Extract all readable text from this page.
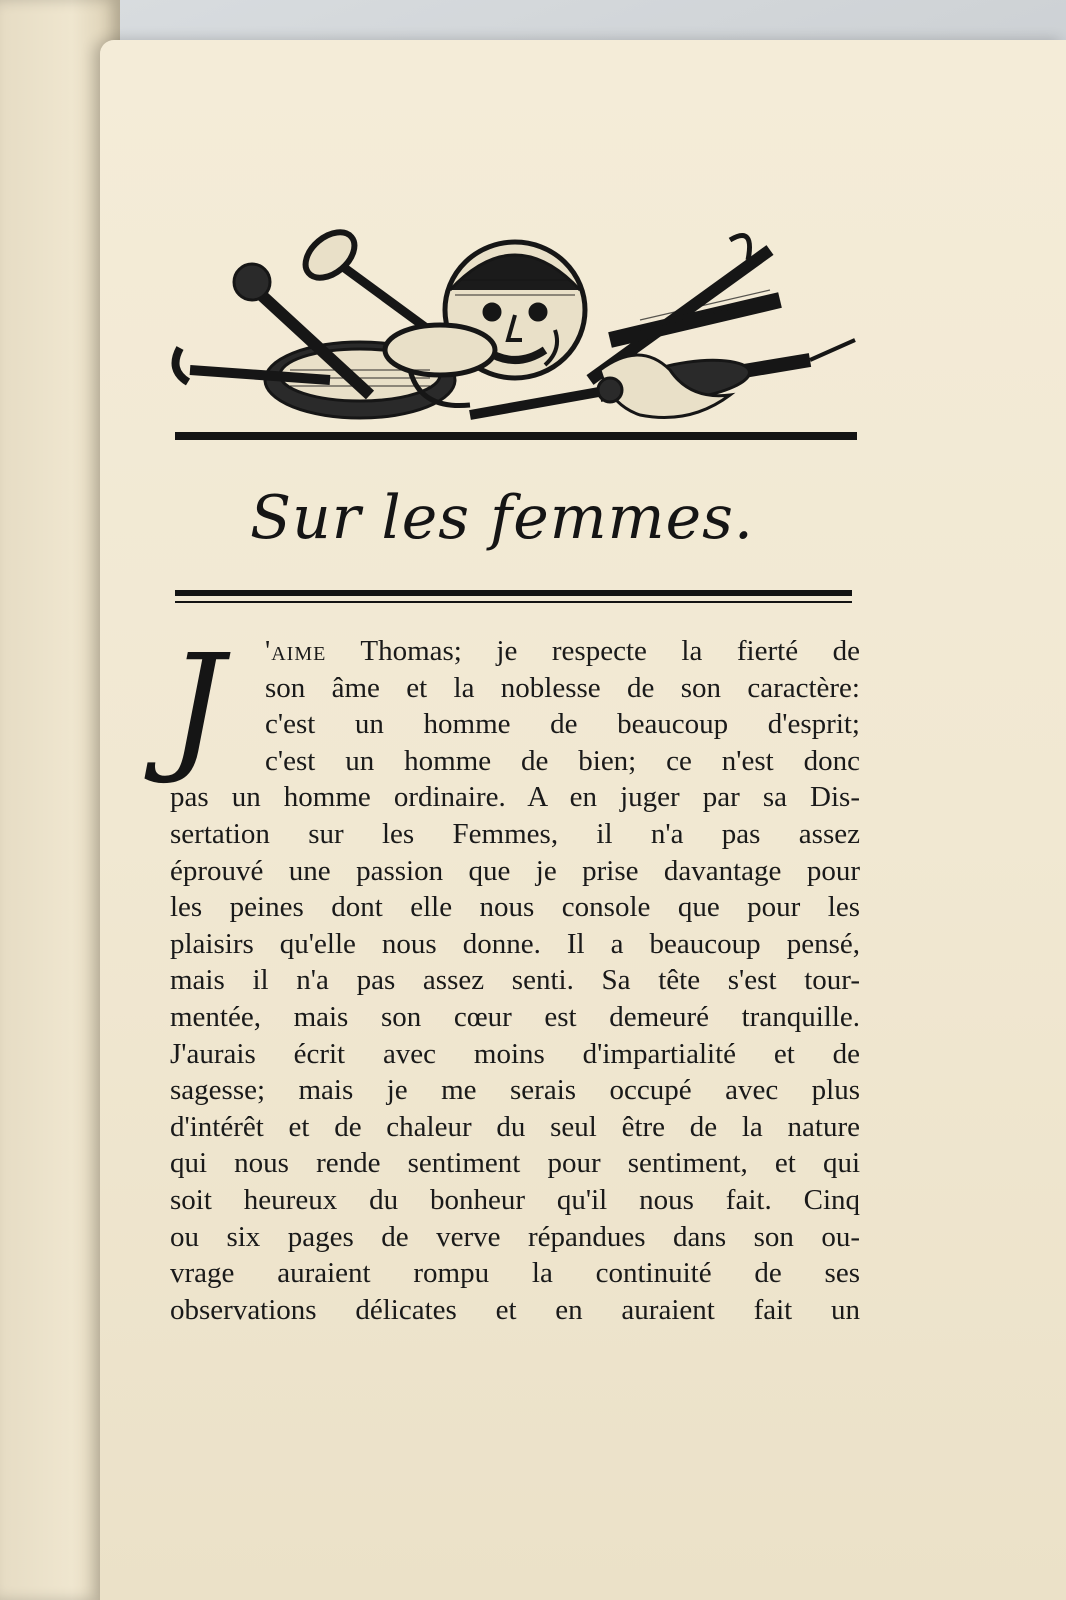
Sur les femmes.
J	'aime Thomas; je respecte la fierté de
son âme et la noblesse de son caractère:
c'est un homme de beaucoup d'esprit;
c'est un homme de bien; ce n'est donc
pas un homme ordinaire. A en juger par sa Dis-
sertation sur les Femmes, il n'a pas assez
éprouvé une passion que je prise davantage pour
les peines dont elle nous console que pour les
plaisirs qu'elle nous donne. Il a beaucoup pensé,
mais il n'a pas assez senti. Sa tête s'est tour-
mentée, mais son cœur est demeuré tranquille.
J'aurais écrit avec moins d'impartialité et de
sagesse; mais je me serais occupé avec plus
d'intérêt et de chaleur du seul être de la nature
qui nous rende sentiment pour sentiment, et qui
soit heureux du bonheur qu'il nous fait. Cinq
ou six pages de verve répandues dans son ou-
vrage auraient rompu la continuité de ses
observations délicates et en auraient fait un
